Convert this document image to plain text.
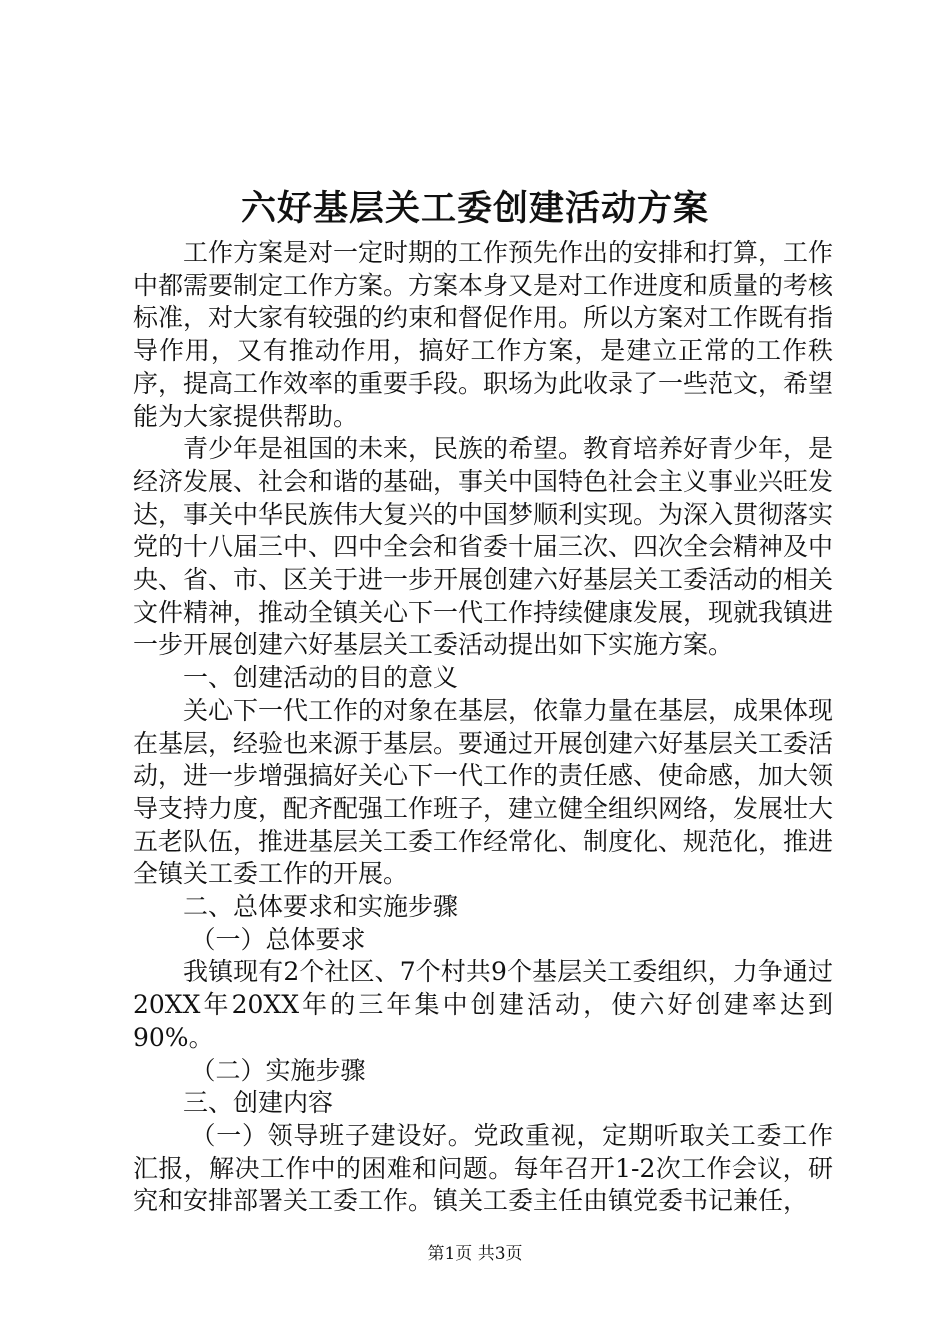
六好基层关工委创建活动方案

工作方案是对一定时期的工作预先作出的安排和打算，工作中都需要制定工作方案。方案本身又是对工作进度和质量的考核标准，对大家有较强的约束和督促作用。所以方案对工作既有指导作用，又有推动作用，搞好工作方案，是建立正常的工作秩序，提高工作效率的重要手段。职场为此收录了一些范文，希望能为大家提供帮助。

青少年是祖国的未来，民族的希望。教育培养好青少年，是经济发展、社会和谐的基础，事关中国特色社会主义事业兴旺发达，事关中华民族伟大复兴的中国梦顺利实现。为深入贯彻落实党的十八届三中、四中全会和省委十届三次、四次全会精神及中央、省、市、区关于进一步开展创建六好基层关工委活动的相关文件精神，推动全镇关心下一代工作持续健康发展，现就我镇进一步开展创建六好基层关工委活动提出如下实施方案。

一、创建活动的目的意义

关心下一代工作的对象在基层，依靠力量在基层，成果体现在基层，经验也来源于基层。要通过开展创建六好基层关工委活动，进一步增强搞好关心下一代工作的责任感、使命感，加大领导支持力度，配齐配强工作班子，建立健全组织网络，发展壮大五老队伍，推进基层关工委工作经常化、制度化、规范化，推进全镇关工委工作的开展。

二、总体要求和实施步骤

（一）总体要求

我镇现有2个社区、7个村共9个基层关工委组织，力争通过20XX年20XX年的三年集中创建活动，使六好创建率达到90%。

（二）实施步骤

三、创建内容

（一）领导班子建设好。党政重视，定期听取关工委工作汇报，解决工作中的困难和问题。每年召开1-2次工作会议，研究和安排部署关工委工作。镇关工委主任由镇党委书记兼任，

第1页 共3页
